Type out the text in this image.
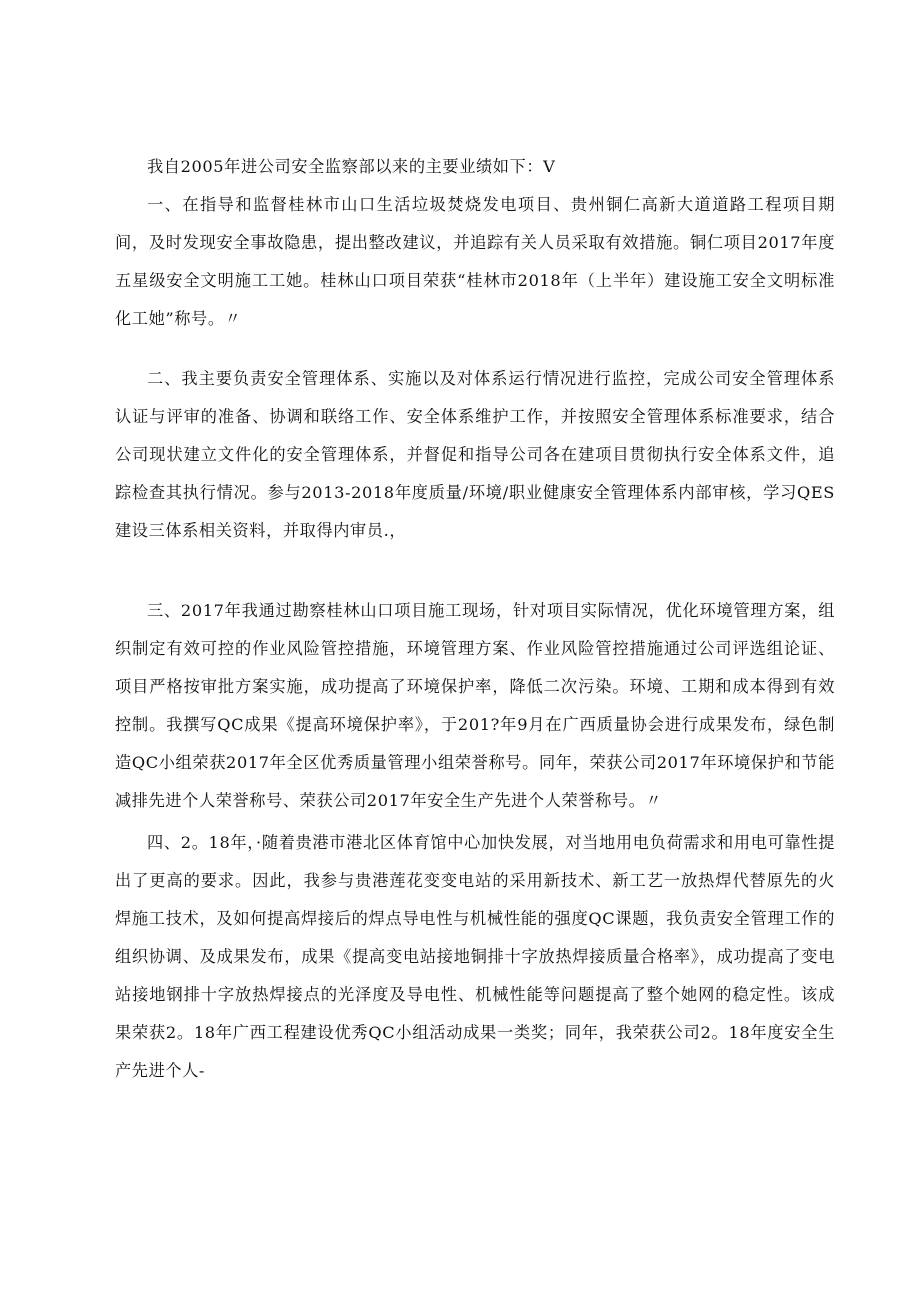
我自2005年进公司安全监察部以来的主要业绩如下：V

一、在指导和监督桂林市山口生活垃圾焚烧发电项目、贵州铜仁高新大道道路工程项目期间，及时发现安全事故隐患，提出整改建议，并追踪有关人员采取有效措施。铜仁项目2017年度五星级安全文明施工工她。桂林山口项目荣获“桂林市2018年（上半年）建设施工安全文明标准化工她”称号。〃

二、我主要负责安全管理体系、实施以及对体系运行情况进行监控，完成公司安全管理体系认证与评审的准备、协调和联络工作、安全体系维护工作，并按照安全管理体系标准要求，结合公司现状建立文件化的安全管理体系，并督促和指导公司各在建项目贯彻执行安全体系文件，追踪检查其执行情况。参与2013-2018年度质量/环境/职业健康安全管理体系内部审核，学习QES建设三体系相关资料，并取得内审员.，

三、2017年我通过勘察桂林山口项目施工现场，针对项目实际情况，优化环境管理方案，组织制定有效可控的作业风险管控措施，环境管理方案、作业风险管控措施通过公司评选组论证、项目严格按审批方案实施，成功提高了环境保护率，降低二次污染。环境、工期和成本得到有效控制。我撰写QC成果《提高环境保护率》，于201?年9月在广西质量协会进行成果发布，绿色制造QC小组荣获2017年全区优秀质量管理小组荣誉称号。同年，荣获公司2017年环境保护和节能减排先进个人荣誉称号、荣获公司2017年安全生产先进个人荣誉称号。〃

四、2。18年，·随着贵港市港北区体育馆中心加快发展，对当地用电负荷需求和用电可靠性提出了更高的要求。因此，我参与贵港莲花变变电站的采用新技术、新工艺一放热焊代替原先的火焊施工技术，及如何提高焊接后的焊点导电性与机械性能的强度QC课题，我负责安全管理工作的组织协调、及成果发布，成果《提高变电站接地铜排十字放热焊接质量合格率》，成功提高了变电站接地钢排十字放热焊接点的光泽度及导电性、机械性能等问题提高了整个她网的稳定性。该成果荣获2。18年广西工程建设优秀QC小组活动成果一类奖；同年，我荣获公司2。18年度安全生产先进个人-
